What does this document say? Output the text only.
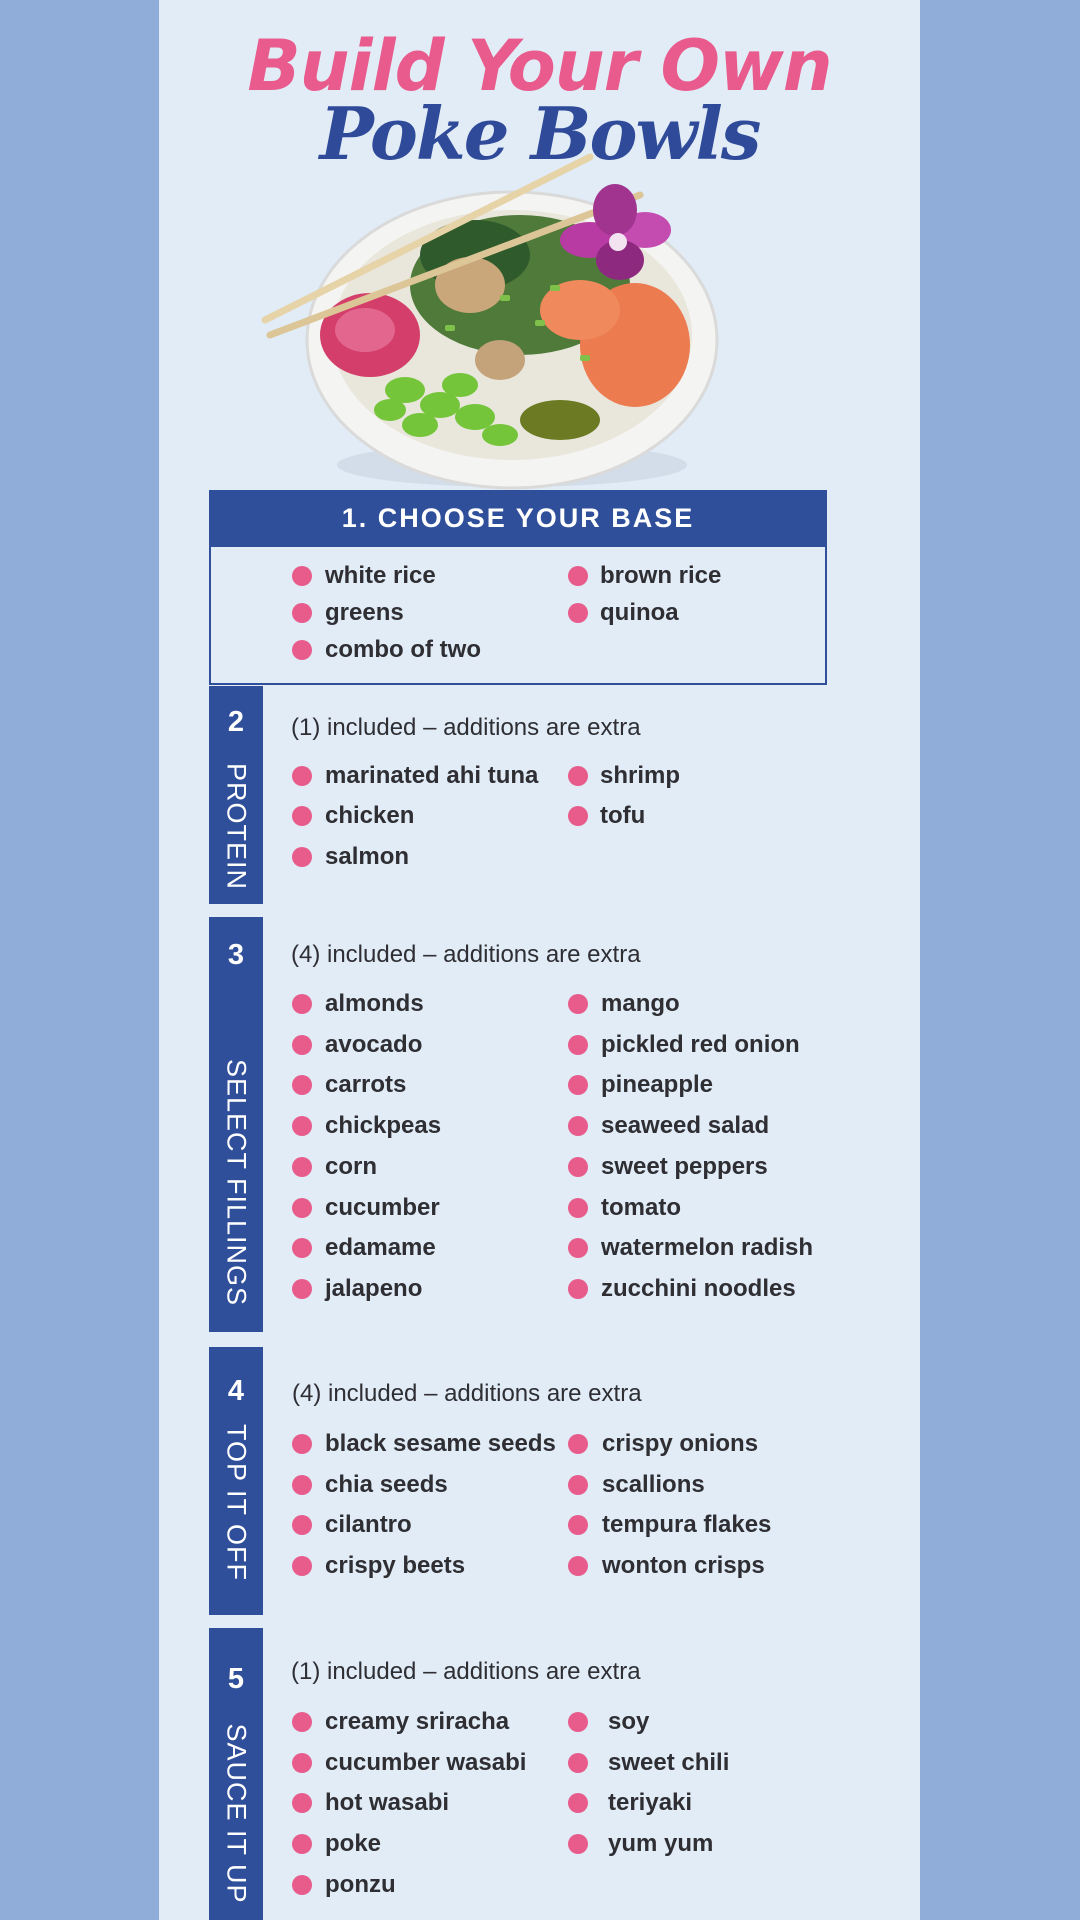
Build Your Own
Poke Bowls
1. CHOOSE YOUR BASE
2
PROTEIN
(1) included – additions are extra
3
SELECT FILLINGS
(4) included – additions are extra
4
TOP IT OFF
(4) included – additions are extra
5
SAUCE IT UP
(1) included – additions are extra
white rice	brown rice
greens	quinoa
combo of two
marinated ahi tuna	shrimp
chicken	tofu
salmon
almonds
avocado
carrots
chickpeas
corn
cucumber
edamame
jalapeno
mango
pickled red onion
pineapple
seaweed salad
sweet peppers
tomato
watermelon radish
zucchini noodles
black sesame seeds
chia seeds
cilantro
crispy beets
crispy onions
scallions
tempura flakes
wonton crisps
creamy sriracha
cucumber wasabi
hot wasabi
poke
ponzu
soy
sweet chili
teriyaki
yum yum
